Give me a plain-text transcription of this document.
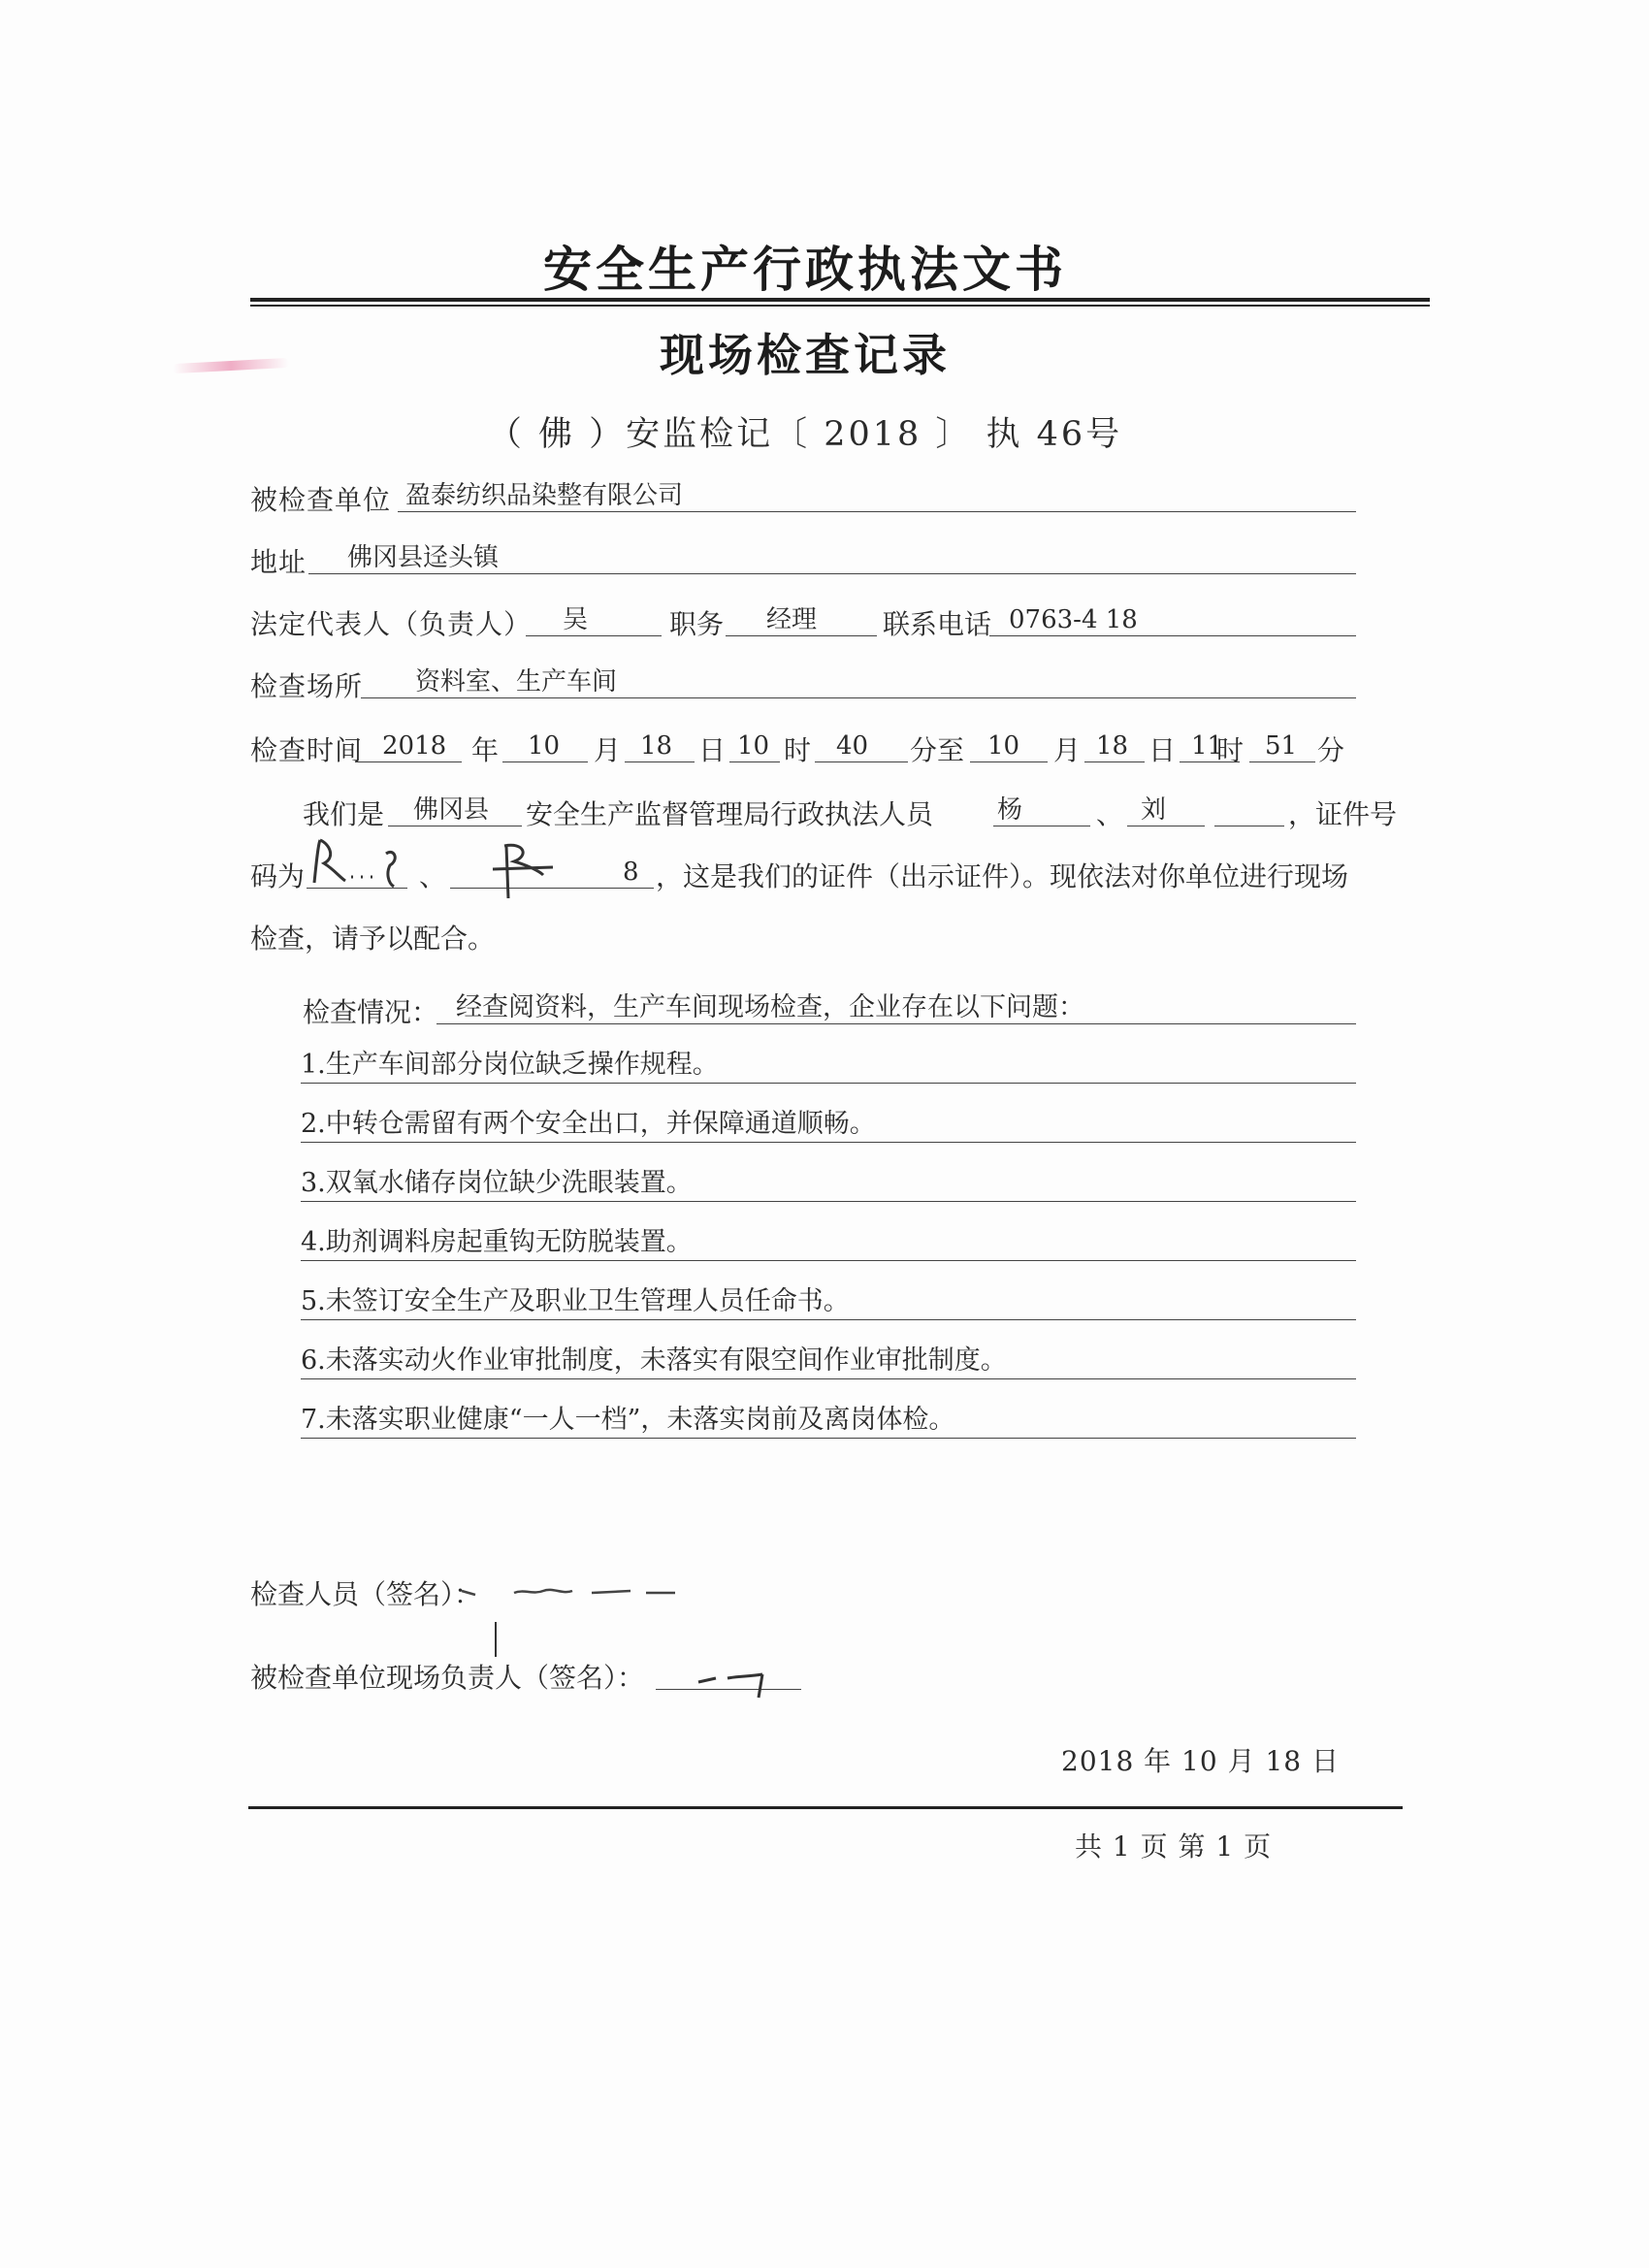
安全生产行政执法文书
现场检查记录
（ 佛 ）安监检记〔 2018 〕 执 46号
被检查单位 盈泰纺织品染整有限公司
地址	佛冈县迳头镇
法定代表人（负责人）	吴	职务	经理	联系电话 0763-4 18
检查场所	资料室、生产车间
检查时间 2018 年	10	月 18 日 10 时 40	分至 10	月 18 日 11
时 51 分
我们是	佛冈县	安全生产监督管理局行政执法人员	杨	、 刘	，证件号
码为	、	8 ，这是我们的证件（出示证件）。现依法对你单位进行现场
检查，请予以配合。
检查情况： 经查阅资料，生产车间现场检查，企业存在以下问题：
1.生产车间部分岗位缺乏操作规程。
2.中转仓需留有两个安全出口，并保障通道顺畅。
3.双氧水储存岗位缺少洗眼装置。
4.助剂调料房起重钩无防脱装置。
5.未签订安全生产及职业卫生管理人员任命书。
6.未落实动火作业审批制度，未落实有限空间作业审批制度。
7.未落实职业健康“一人一档”，未落实岗前及离岗体检。
检查人员（签名）：
被检查单位现场负责人（签名）：
2018 年 10 月 18 日
共 1 页 第 1 页
